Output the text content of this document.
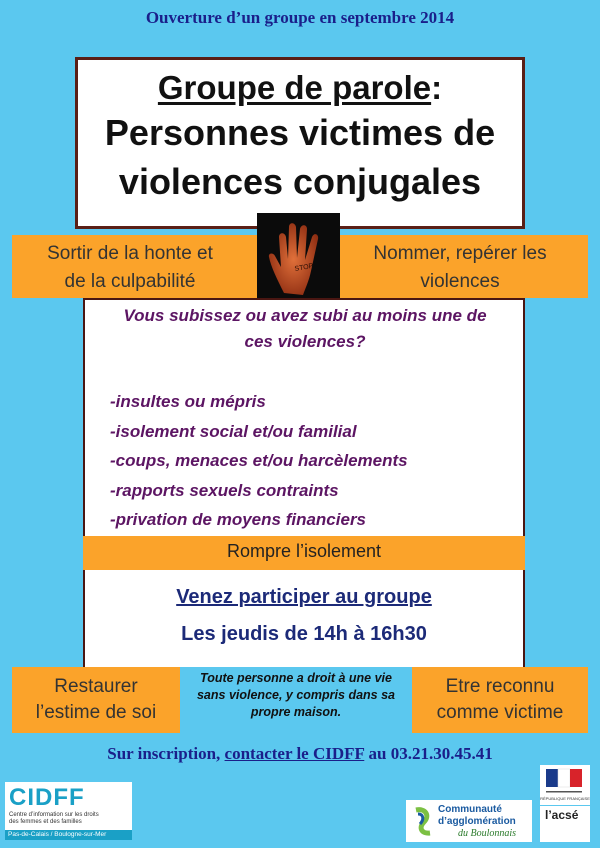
Ouverture d’un groupe en septembre 2014
Groupe de parole:
Personnes victimes de
violences conjugales
Sortir de la honte et
de la culpabilité
Nommer, repérer les
violences
STOP
Vous subissez ou avez subi au moins une de
ces violences?
-insultes ou mépris
-isolement social et/ou familial
-coups, menaces et/ou harcèlements
-rapports sexuels contraints
-privation de moyens financiers
Rompre l’isolement
Venez participer au groupe
Les jeudis de 14h à 16h30
Restaurer
l’estime de soi
Etre reconnu
comme victime
Toute personne a droit à une vie
sans violence, y compris dans sa
propre maison.
Sur inscription, contacter le CIDFF au 03.21.30.45.41
CIDFF
Centre d’information sur les droits des femmes et des familles
Pas-de-Calais / Boulogne-sur-Mer
Communauté
d’agglomération
du Boulonnais
RÉPUBLIQUE FRANÇAISE
l’acsé
